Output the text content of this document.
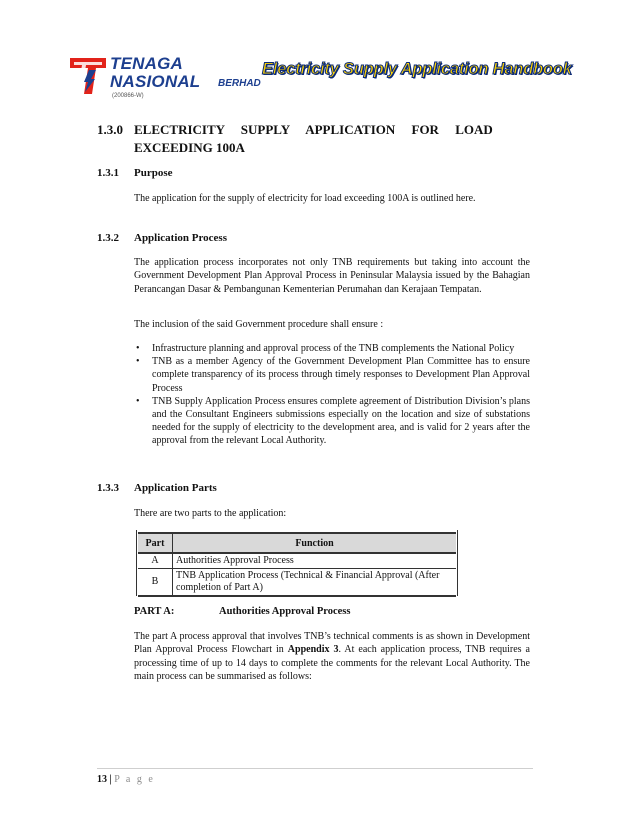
TENAGA
NASIONAL BERHAD
(200866-W)
Electricity Supply Application Handbook
1.3.0 ELECTRICITY     SUPPLY     APPLICATION     FOR     LOAD
EXCEEDING 100A
1.3.1 Purpose
The application for the supply of electricity for load exceeding 100A is outlined here.
1.3.2 Application Process
The application process incorporates not only TNB requirements but taking into account the Government Development Plan Approval Process in Peninsular Malaysia issued by the Bahagian Perancangan Dasar & Pembangunan Kementerian Perumahan dan Kerajaan Tempatan.
The inclusion of the said Government procedure shall ensure :
• Infrastructure planning and approval process of the TNB complements the National Policy
• TNB as a member Agency of the Government Development Plan Committee has to ensure complete transparency of its process through timely responses to Development Plan Approval Process
• TNB Supply Application Process ensures complete agreement of Distribution Division’s plans and the Consultant Engineers submissions especially on the location and size of substations needed for the supply of electricity to the development area, and is valid for 2 years after the approval from the relevant Local Authority.
1.3.3 Application Parts
There are two parts to the application:
Part	Function
A	Authorities Approval Process
B	TNB Application Process (Technical & Financial Approval (After completion of Part A)
PART A:	Authorities Approval Process
The part A process approval that involves TNB’s technical comments is as shown in Development Plan Approval Process Flowchart in Appendix 3. At each application process, TNB requires a processing time of up to 14 days to complete the comments for the relevant Local Authority. The main process can be summarised as follows:
13 | P a g e
